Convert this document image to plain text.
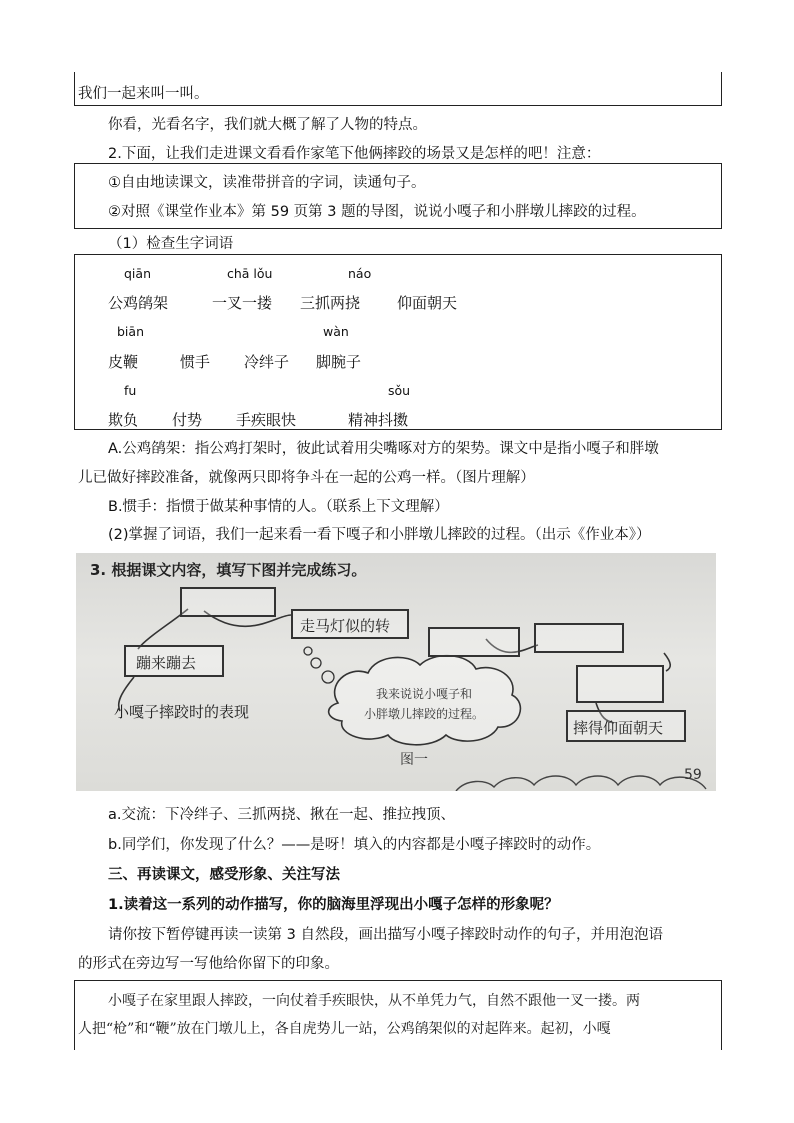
我们一起来叫一叫。
你看，光看名字，我们就大概了解了人物的特点。
2.下面，让我们走进课文看看作家笔下他俩摔跤的场景又是怎样的吧！注意：
①自由地读课文，读准带拼音的字词，读通句子。
②对照《课堂作业本》第 59 页第 3 题的导图，说说小嘎子和小胖墩儿摔跤的过程。
（1）检查生字词语
qiān	chā lǒu	náo
公鸡鹐架	一叉一搂 三抓两挠 仰面朝天
biān	wàn
皮鞭	惯手 冷绊子 脚腕子
fu	sǒu
欺负 付势 手疾眼快	精神抖擞
A.公鸡鹐架：指公鸡打架时，彼此试着用尖嘴啄对方的架势。课文中是指小嘎子和胖墩
儿已做好摔跤准备，就像两只即将争斗在一起的公鸡一样。（图片理解）
B.惯手：指惯于做某种事情的人。（联系上下文理解）
(2)掌握了词语，我们一起来看一看下嘎子和小胖墩儿摔跤的过程。（出示《作业本》）
3. 根据课文内容，填写下图并完成练习。
走马灯似的转
蹦来蹦去
小嘎子摔跤时的表现
我来说说小嘎子和
小胖墩儿摔跤的过程。
摔得仰面朝天
图一
59
a.交流：下冷绊子、三抓两挠、揪在一起、推拉拽顶、
b.同学们，你发现了什么？——是呀！填入的内容都是小嘎子摔跤时的动作。
三、再读课文，感受形象、关注写法
1.读着这一系列的动作描写，你的脑海里浮现出小嘎子怎样的形象呢？
请你按下暂停键再读一读第 3 自然段，画出描写小嘎子摔跤时动作的句子，并用泡泡语
的形式在旁边写一写他给你留下的印象。
小嘎子在家里跟人摔跤，一向仗着手疾眼快，从不单凭力气，自然不跟他一叉一搂。两
人把“枪”和“鞭”放在门墩儿上，各自虎势儿一站，公鸡鹐架似的对起阵来。起初，小嘎
